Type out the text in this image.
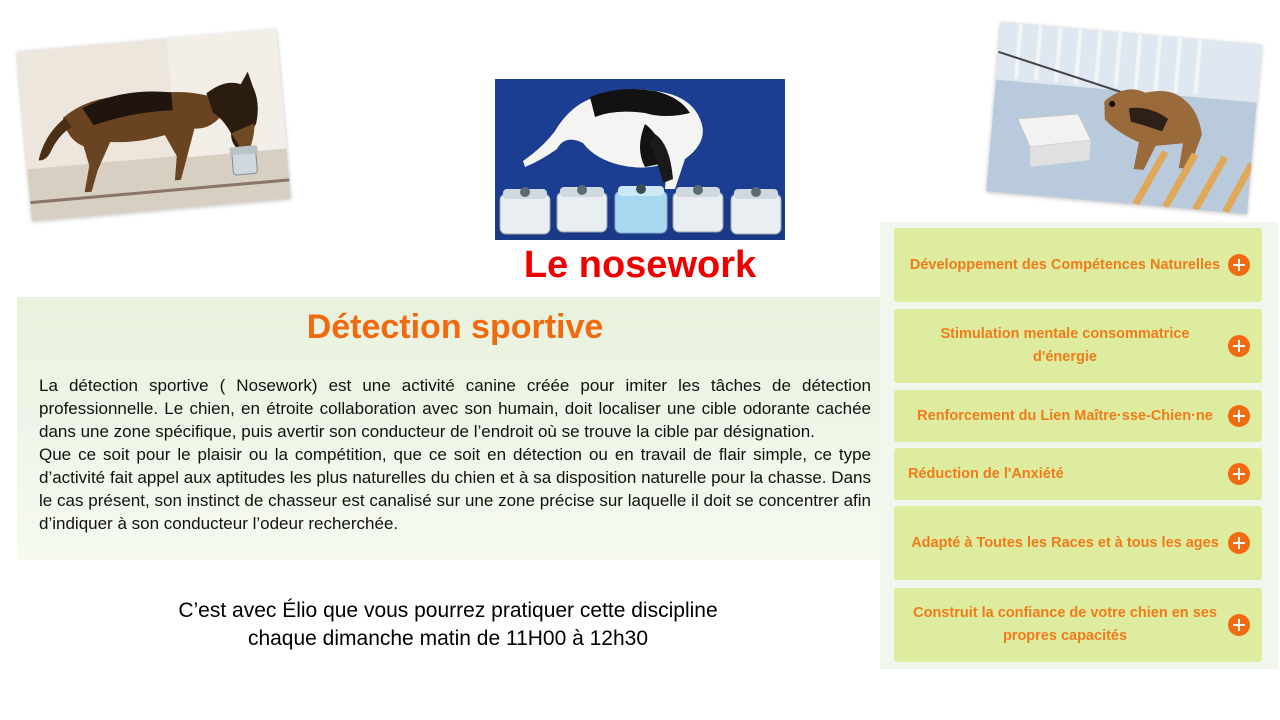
Le nosework
Détection sportive

La détection sportive ( Nosework) est une activité canine créée pour imiter les tâches de détection professionnelle. Le chien, en étroite collaboration avec son humain, doit localiser une cible odorante cachée dans une zone spécifique, puis avertir son conducteur de l’endroit où se trouve la cible par désignation.

Que ce soit pour le plaisir ou la compétition, que ce soit en détection ou en travail de flair simple, ce type d’activité fait appel aux aptitudes les plus naturelles du chien et à sa disposition naturelle pour la chasse. Dans le cas présent, son instinct de chasseur est canalisé sur une zone précise sur laquelle il doit se concentrer afin d’indiquer à son conducteur l’odeur recherchée.

C’est avec Élio que vous pourrez pratiquer cette discipline
chaque dimanche matin de 11H00 à 12h30
Développement des Compétences Naturelles
Stimulation mentale consommatrice d'énergie
Renforcement du Lien Maître·sse-Chien·ne
Réduction de l'Anxiété
Adapté à Toutes les Races et à tous les ages
Construit la confiance de votre chien en ses propres capacités
